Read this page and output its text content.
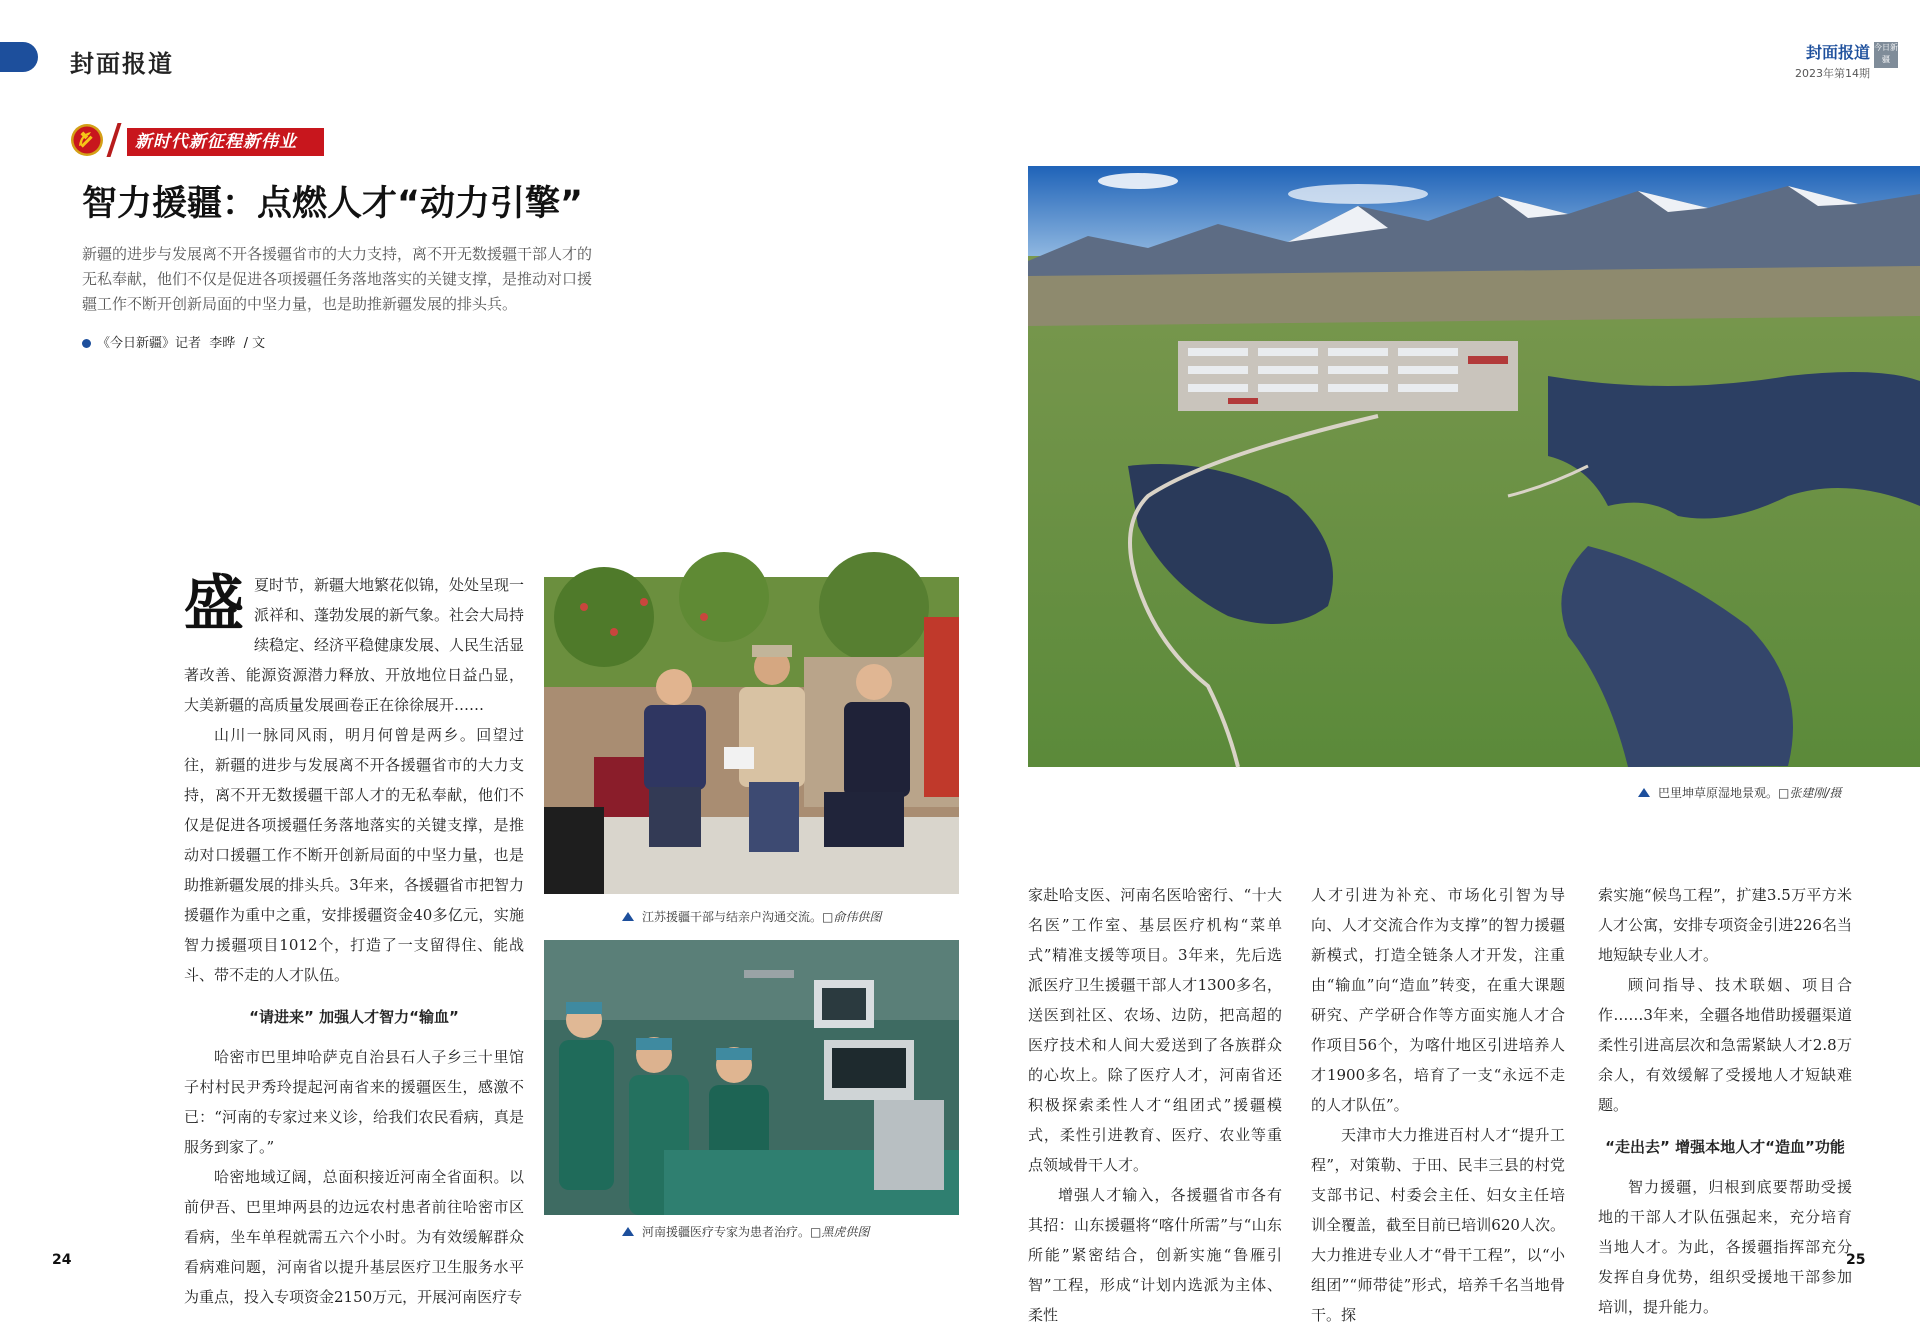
封面报道	封面报道
2023年第14期
今日新疆
新时代新征程新伟业
智力援疆：点燃人才“动力引擎”
新疆的进步与发展离不开各援疆省市的大力支持，离不开无数援疆干部人才的无私奉献，他们不仅是促进各项援疆任务落地落实的关键支撑，是推动对口援疆工作不断开创新局面的中坚力量，也是助推新疆发展的排头兵。
《今日新疆》记者 李晔 / 文
巴里坤草原湿地景观。□张建刚/摄
江苏援疆干部与结亲户沟通交流。□俞伟供图
河南援疆医疗专家为患者治疗。□黑虎供图
盛 夏时节，新疆大地繁花似锦，处处呈现一派祥和、蓬勃发展的新气象。社会大局持续稳定、经济平稳健康发展、人民生活显著改善、能源资源潜力释放、开放地位日益凸显，大美新疆的高质量发展画卷正在徐徐展开……

山川一脉同风雨，明月何曾是两乡。回望过往，新疆的进步与发展离不开各援疆省市的大力支持，离不开无数援疆干部人才的无私奉献，他们不仅是促进各项援疆任务落地落实的关键支撑，是推动对口援疆工作不断开创新局面的中坚力量，也是助推新疆发展的排头兵。3年来，各援疆省市把智力援疆作为重中之重，安排援疆资金40多亿元，实施智力援疆项目1012个，打造了一支留得住、能战斗、带不走的人才队伍。

“请进来” 加强人才智力“输血”

哈密市巴里坤哈萨克自治县石人子乡三十里馆子村村民尹秀玲提起河南省来的援疆医生，感激不已：“河南的专家过来义诊，给我们农民看病，真是服务到家了。”

哈密地域辽阔，总面积接近河南全省面积。以前伊吾、巴里坤两县的边远农村患者前往哈密市区看病，坐车单程就需五六个小时。为有效缓解群众看病难问题，河南省以提升基层医疗卫生服务水平为重点，投入专项资金2150万元，开展河南医疗专

家赴哈支医、河南名医哈密行、“十大名医”工作室、基层医疗机构“菜单式”精准支援等项目。3年来，先后选派医疗卫生援疆干部人才1300多名，送医到社区、农场、边防，把高超的医疗技术和人间大爱送到了各族群众的心坎上。除了医疗人才，河南省还积极探索柔性人才“组团式”援疆模式，柔性引进教育、医疗、农业等重点领域骨干人才。

增强人才输入，各援疆省市各有其招：山东援疆将“喀什所需”与“山东所能”紧密结合，创新实施“鲁雁引智”工程，形成“计划内选派为主体、柔性

人才引进为补充、市场化引智为导向、人才交流合作为支撑”的智力援疆新模式，打造全链条人才开发，注重由“输血”向“造血”转变，在重大课题研究、产学研合作等方面实施人才合作项目56个，为喀什地区引进培养人才1900多名，培育了一支“永远不走的人才队伍”。

天津市大力推进百村人才“提升工程”，对策勒、于田、民丰三县的村党支部书记、村委会主任、妇女主任培训全覆盖，截至目前已培训620人次。大力推进专业人才“骨干工程”，以“小组团”“师带徒”形式，培养千名当地骨干。探

索实施“候鸟工程”，扩建3.5万平方米人才公寓，安排专项资金引进226名当地短缺专业人才。

顾问指导、技术联姻、项目合作……3年来，全疆各地借助援疆渠道柔性引进高层次和急需紧缺人才2.8万余人，有效缓解了受援地人才短缺难题。

“走出去” 增强本地人才“造血”功能

智力援疆，归根到底要帮助受援地的干部人才队伍强起来，充分培育当地人才。为此，各援疆指挥部充分发挥自身优势，组织受援地干部参加培训，提升能力。

24	25
